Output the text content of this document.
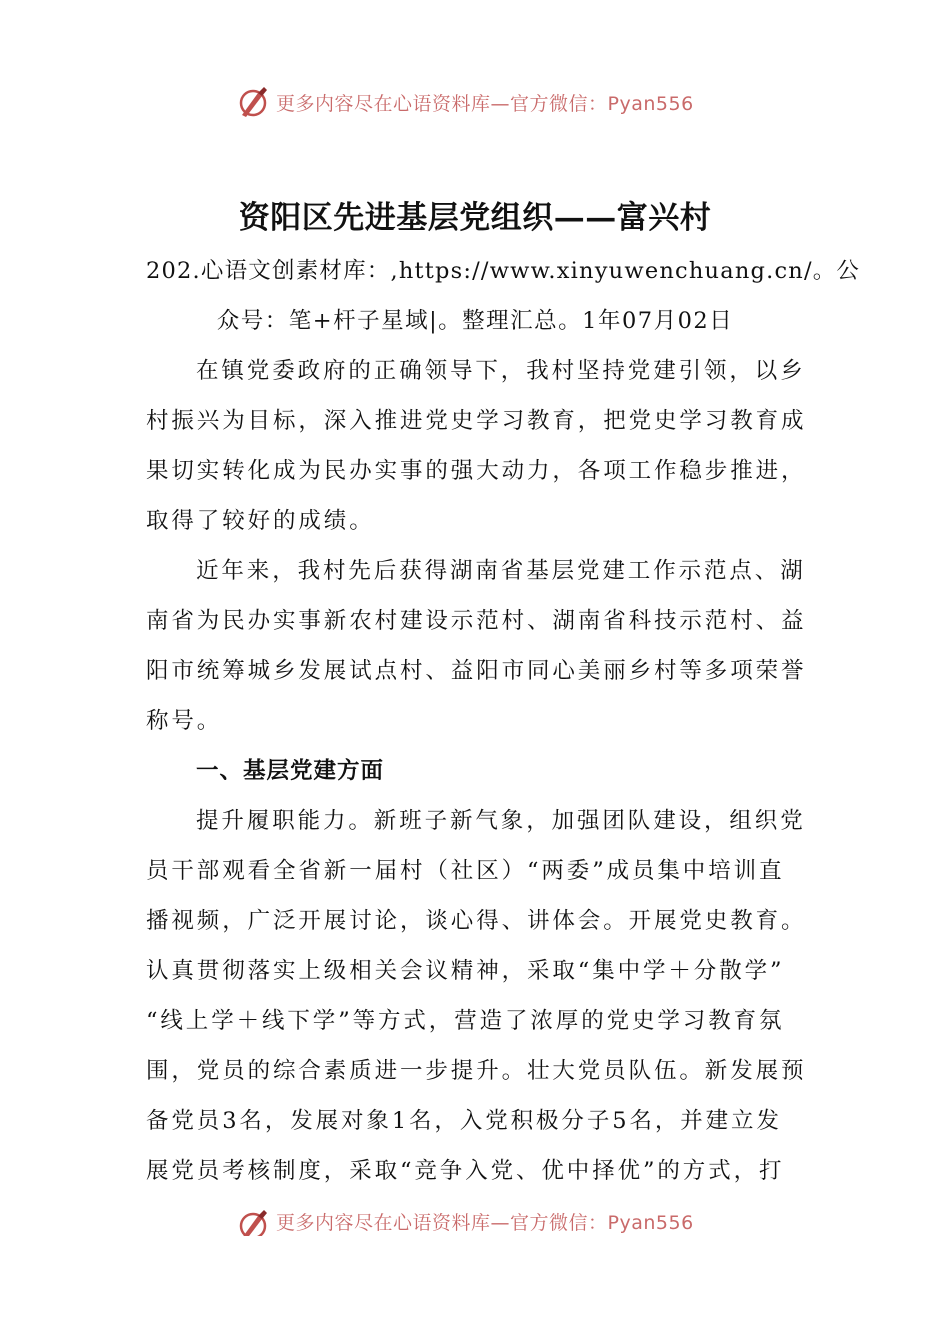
更多内容尽在心语资料库—官方微信：Pyan556
资阳区先进基层党组织——富兴村
202.心语文创素材库：,https://www.xinyuwenchuang.cn/。公
众号：笔+杆子星域|。整理汇总。1年07月02日
在镇党委政府的正确领导下，我村坚持党建引领，以乡
村振兴为目标，深入推进党史学习教育，把党史学习教育成
果切实转化成为民办实事的强大动力，各项工作稳步推进，
取得了较好的成绩。
近年来，我村先后获得湖南省基层党建工作示范点、湖
南省为民办实事新农村建设示范村、湖南省科技示范村、益
阳市统筹城乡发展试点村、益阳市同心美丽乡村等多项荣誉
称号。
一、基层党建方面
提升履职能力。新班子新气象，加强团队建设，组织党
员干部观看全省新一届村（社区）“两委”成员集中培训直
播视频，广泛开展讨论，谈心得、讲体会。开展党史教育。
认真贯彻落实上级相关会议精神，采取“集中学＋分散学”
“线上学＋线下学”等方式，营造了浓厚的党史学习教育氛
围，党员的综合素质进一步提升。壮大党员队伍。新发展预
备党员3名，发展对象1名，入党积极分子5名，并建立发
展党员考核制度，采取“竞争入党、优中择优”的方式，打
更多内容尽在心语资料库—官方微信：Pyan556
